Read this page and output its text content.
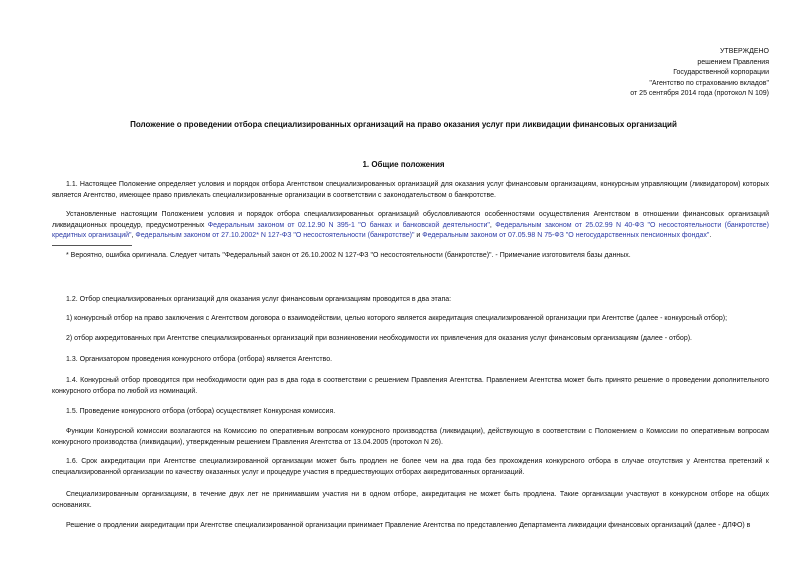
УТВЕРЖДЕНО
решением Правления
Государственной корпорации
"Агентство по страхованию вкладов"
от 25 сентября 2014 года (протокол N 109)
Положение о проведении отбора специализированных организаций на право оказания услуг при ликвидации финансовых организаций
1. Общие положения

1.1. Настоящее Положение определяет условия и порядок отбора Агентством специализированных организаций для оказания услуг финансовым организациям, конкурсным управляющим (ликвидатором) которых является Агентство, имеющее право привлекать специализированные организации в соответствии с законодательством о банкротстве.

Установленные настоящим Положением условия и порядок отбора специализированных организаций обусловливаются особенностями осуществления Агентством в отношении финансовых организаций ликвидационных процедур, предусмотренных Федеральным законом от 02.12.90 N 395-1 "О банках и банковской деятельности", Федеральным законом от 25.02.99 N 40-ФЗ "О несостоятельности (банкротстве) кредитных организаций", Федеральным законом от 27.10.2002* N 127-ФЗ "О несостоятельности (банкротстве)" и Федеральным законом от 07.05.98 N 75-ФЗ "О негосударственных пенсионных фондах".

* Вероятно, ошибка оригинала. Следует читать "Федеральный закон от 26.10.2002 N 127-ФЗ "О несостоятельности (банкротстве)". - Примечание изготовителя базы данных.

1.2. Отбор специализированных организаций для оказания услуг финансовым организациям проводится в два этапа:

1) конкурсный отбор на право заключения с Агентством договора о взаимодействии, целью которого является аккредитация специализированной организации при Агентстве (далее - конкурсный отбор);

2) отбор аккредитованных при Агентстве специализированных организаций при возникновении необходимости их привлечения для оказания услуг финансовым организациям (далее - отбор).

1.3. Организатором проведения конкурсного отбора (отбора) является Агентство.

1.4. Конкурсный отбор проводится при необходимости один раз в два года в соответствии с решением Правления Агентства. Правлением Агентства может быть принято решение о проведении дополнительного конкурсного отбора по любой из номинаций.

1.5. Проведение конкурсного отбора (отбора) осуществляет Конкурсная комиссия.

Функции Конкурсной комиссии возлагаются на Комиссию по оперативным вопросам конкурсного производства (ликвидации), действующую в соответствии с Положением о Комиссии по оперативным вопросам конкурсного производства (ликвидации), утвержденным решением Правления Агентства от 13.04.2005 (протокол N 26).

1.6. Срок аккредитации при Агентстве специализированной организации может быть продлен не более чем на два года без прохождения конкурсного отбора в случае отсутствия у Агентства претензий к специализированной организации по качеству оказанных услуг и процедуре участия в предшествующих отборах аккредитованных организаций.

Специализированным организациям, в течение двух лет не принимавшим участия ни в одном отборе, аккредитация не может быть продлена. Такие организации участвуют в конкурсном отборе на общих основаниях.

Решение о продлении аккредитации при Агентстве специализированной организации принимает Правление Агентства по представлению Департамента ликвидации финансовых организаций (далее - ДЛФО) в
